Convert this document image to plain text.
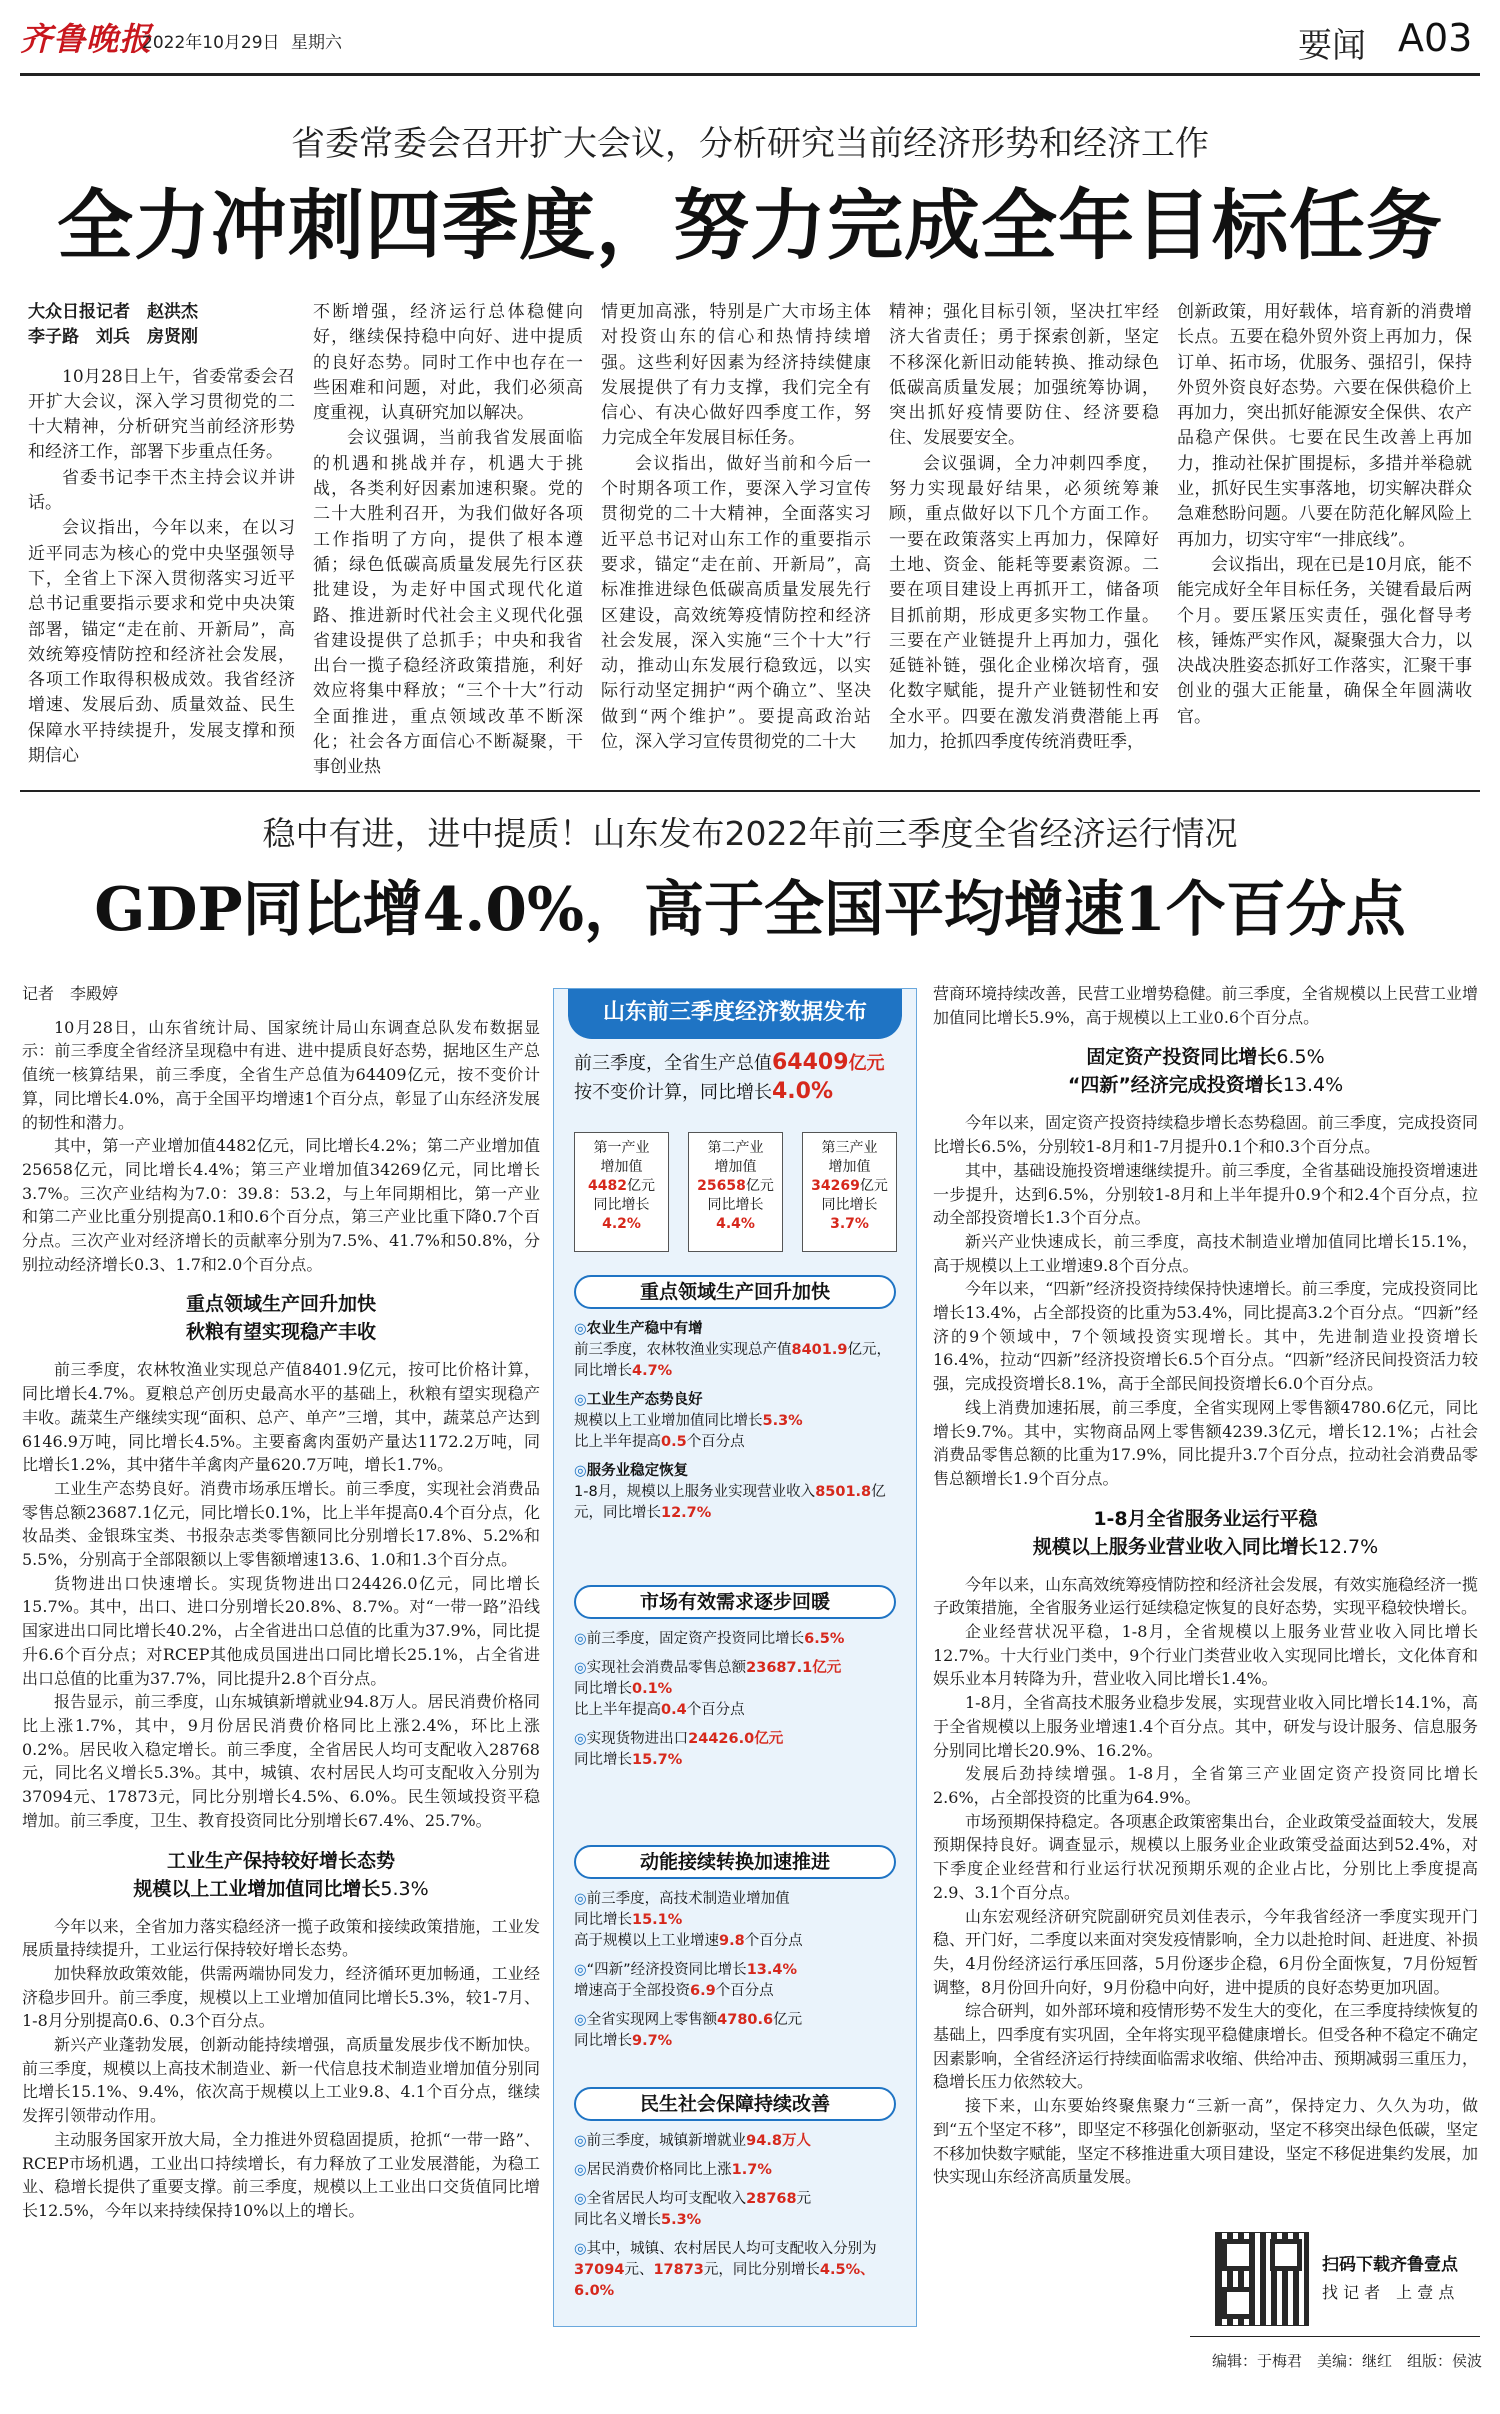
齐鲁晚报
2022年10月29日 星期六	要闻 A03
省委常委会召开扩大会议，分析研究当前经济形势和经济工作
全力冲刺四季度，努力完成全年目标任务

大众日报记者　赵洪杰

李子路　刘兵　房贤刚

10月28日上午，省委常委会召开扩大会议，深入学习贯彻党的二十大精神，分析研究当前经济形势和经济工作，部署下步重点任务。

省委书记李干杰主持会议并讲话。

会议指出，今年以来，在以习近平同志为核心的党中央坚强领导下，全省上下深入贯彻落实习近平总书记重要指示要求和党中央决策部署，锚定“走在前、开新局”，高效统筹疫情防控和经济社会发展，各项工作取得积极成效。我省经济增速、发展后劲、质量效益、民生保障水平持续提升，发展支撑和预期信心

不断增强，经济运行总体稳健向好，继续保持稳中向好、进中提质的良好态势。同时工作中也存在一些困难和问题，对此，我们必须高度重视，认真研究加以解决。

会议强调，当前我省发展面临的机遇和挑战并存，机遇大于挑战，各类利好因素加速积聚。党的二十大胜利召开，为我们做好各项工作指明了方向，提供了根本遵循；绿色低碳高质量发展先行区获批建设，为走好中国式现代化道路、推进新时代社会主义现代化强省建设提供了总抓手；中央和我省出台一揽子稳经济政策措施，利好效应将集中释放；“三个十大”行动全面推进，重点领域改革不断深化；社会各方面信心不断凝聚，干事创业热

情更加高涨，特别是广大市场主体对投资山东的信心和热情持续增强。这些利好因素为经济持续健康发展提供了有力支撑，我们完全有信心、有决心做好四季度工作，努力完成全年发展目标任务。

会议指出，做好当前和今后一个时期各项工作，要深入学习宣传贯彻党的二十大精神，全面落实习近平总书记对山东工作的重要指示要求，锚定“走在前、开新局”，高标准推进绿色低碳高质量发展先行区建设，高效统筹疫情防控和经济社会发展，深入实施“三个十大”行动，推动山东发展行稳致远，以实际行动坚定拥护“两个确立”、坚决做到“两个维护”。要提高政治站位，深入学习宣传贯彻党的二十大

精神；强化目标引领，坚决扛牢经济大省责任；勇于探索创新，坚定不移深化新旧动能转换、推动绿色低碳高质量发展；加强统筹协调，突出抓好疫情要防住、经济要稳住、发展要安全。

会议强调，全力冲刺四季度，努力实现最好结果，必须统筹兼顾，重点做好以下几个方面工作。一要在政策落实上再加力，保障好土地、资金、能耗等要素资源。二要在项目建设上再抓开工，储备项目抓前期，形成更多实物工作量。三要在产业链提升上再加力，强化延链补链，强化企业梯次培育，强化数字赋能，提升产业链韧性和安全水平。四要在激发消费潜能上再加力，抢抓四季度传统消费旺季，

创新政策，用好载体，培育新的消费增长点。五要在稳外贸外资上再加力，保订单、拓市场，优服务、强招引，保持外贸外资良好态势。六要在保供稳价上再加力，突出抓好能源安全保供、农产品稳产保供。七要在民生改善上再加力，推动社保扩围提标，多措并举稳就业，抓好民生实事落地，切实解决群众急难愁盼问题。八要在防范化解风险上再加力，切实守牢“一排底线”。

会议指出，现在已是10月底，能不能完成好全年目标任务，关键看最后两个月。要压紧压实责任，强化督导考核，锤炼严实作风，凝聚强大合力，以决战决胜姿态抓好工作落实，汇聚干事创业的强大正能量，确保全年圆满收官。

稳中有进，进中提质！山东发布2022年前三季度全省经济运行情况
GDP同比增4.0%，高于全国平均增速1个百分点

记者　李殿婷

10月28日，山东省统计局、国家统计局山东调查总队发布数据显示：前三季度全省经济呈现稳中有进、进中提质良好态势，据地区生产总值统一核算结果，前三季度，全省生产总值为64409亿元，按不变价计算，同比增长4.0%，高于全国平均增速1个百分点，彰显了山东经济发展的韧性和潜力。

其中，第一产业增加值4482亿元，同比增长4.2%；第二产业增加值25658亿元，同比增长4.4%；第三产业增加值34269亿元，同比增长3.7%。三次产业结构为7.0：39.8：53.2，与上年同期相比，第一产业和第二产业比重分别提高0.1和0.6个百分点，第三产业比重下降0.7个百分点。三次产业对经济增长的贡献率分别为7.5%、41.7%和50.8%，分别拉动经济增长0.3、1.7和2.0个百分点。

重点领域生产回升加快
秋粮有望实现稳产丰收

前三季度，农林牧渔业实现总产值8401.9亿元，按可比价格计算，同比增长4.7%。夏粮总产创历史最高水平的基础上，秋粮有望实现稳产丰收。蔬菜生产继续实现“面积、总产、单产”三增，其中，蔬菜总产达到6146.9万吨，同比增长4.5%。主要畜禽肉蛋奶产量达1172.2万吨，同比增长1.2%，其中猪牛羊禽肉产量620.7万吨，增长1.7%。

工业生产态势良好。消费市场承压增长。前三季度，实现社会消费品零售总额23687.1亿元，同比增长0.1%，比上半年提高0.4个百分点，化妆品类、金银珠宝类、书报杂志类零售额同比分别增长17.8%、5.2%和5.5%，分别高于全部限额以上零售额增速13.6、1.0和1.3个百分点。

货物进出口快速增长。实现货物进出口24426.0亿元，同比增长15.7%。其中，出口、进口分别增长20.8%、8.7%。对“一带一路”沿线国家进出口同比增长40.2%，占全省进出口总值的比重为37.9%，同比提升6.6个百分点；对RCEP其他成员国进出口同比增长25.1%，占全省进出口总值的比重为37.7%，同比提升2.8个百分点。

报告显示，前三季度，山东城镇新增就业94.8万人。居民消费价格同比上涨1.7%，其中，9月份居民消费价格同比上涨2.4%，环比上涨0.2%。居民收入稳定增长。前三季度，全省居民人均可支配收入28768元，同比名义增长5.3%。其中，城镇、农村居民人均可支配收入分别为37094元、17873元，同比分别增长4.5%、6.0%。民生领域投资平稳增加。前三季度，卫生、教育投资同比分别增长67.4%、25.7%。

工业生产保持较好增长态势
规模以上工业增加值同比增长5.3%

今年以来，全省加力落实稳经济一揽子政策和接续政策措施，工业发展质量持续提升，工业运行保持较好增长态势。

加快释放政策效能，供需两端协同发力，经济循环更加畅通，工业经济稳步回升。前三季度，规模以上工业增加值同比增长5.3%，较1-7月、1-8月分别提高0.6、0.3个百分点。

新兴产业蓬勃发展，创新动能持续增强，高质量发展步伐不断加快。前三季度，规模以上高技术制造业、新一代信息技术制造业增加值分别同比增长15.1%、9.4%，依次高于规模以上工业9.8、4.1个百分点，继续发挥引领带动作用。

主动服务国家开放大局，全力推进外贸稳固提质，抢抓“一带一路”、RCEP市场机遇，工业出口持续增长，有力释放了工业发展潜能，为稳工业、稳增长提供了重要支撑。前三季度，规模以上工业出口交货值同比增长12.5%，今年以来持续保持10%以上的增长。

山东前三季度经济数据发布
前三季度，全省生产总值64409亿元
按不变价计算，同比增长4.0%
第一产业
增加值
4482亿元
同比增长
4.2%
第二产业
增加值
25658亿元
同比增长
4.4%
第三产业
增加值
34269亿元
同比增长
3.7%
重点领域生产回升加快
◎农业生产稳中有增
前三季度，农林牧渔业实现总产值8401.9亿元，同比增长4.7%
◎工业生产态势良好
规模以上工业增加值同比增长5.3%
比上半年提高0.5个百分点
◎服务业稳定恢复
1-8月，规模以上服务业实现营业收入8501.8亿元，同比增长12.7%
市场有效需求逐步回暖
◎前三季度，固定资产投资同比增长6.5%
◎实现社会消费品零售总额23687.1亿元
同比增长0.1%
比上半年提高0.4个百分点
◎实现货物进出口24426.0亿元
同比增长15.7%
动能接续转换加速推进
◎前三季度，高技术制造业增加值
同比增长15.1%
高于规模以上工业增速9.8个百分点
◎“四新”经济投资同比增长13.4%
增速高于全部投资6.9个百分点
◎全省实现网上零售额4780.6亿元
同比增长9.7%
民生社会保障持续改善
◎前三季度，城镇新增就业94.8万人
◎居民消费价格同比上涨1.7%
◎全省居民人均可支配收入28768元
同比名义增长5.3%
◎其中，城镇、农村居民人均可支配收入分别为37094元、17873元，同比分别增长4.5%、6.0%

营商环境持续改善，民营工业增势稳健。前三季度，全省规模以上民营工业增加值同比增长5.9%，高于规模以上工业0.6个百分点。

固定资产投资同比增长6.5%
“四新”经济完成投资增长13.4%

今年以来，固定资产投资持续稳步增长态势稳固。前三季度，完成投资同比增长6.5%，分别较1-8月和1-7月提升0.1个和0.3个百分点。

其中，基础设施投资增速继续提升。前三季度，全省基础设施投资增速进一步提升，达到6.5%，分别较1-8月和上半年提升0.9个和2.4个百分点，拉动全部投资增长1.3个百分点。

新兴产业快速成长，前三季度，高技术制造业增加值同比增长15.1%，高于规模以上工业增速9.8个百分点。

今年以来，“四新”经济投资持续保持快速增长。前三季度，完成投资同比增长13.4%，占全部投资的比重为53.4%，同比提高3.2个百分点。“四新”经济的9个领域中，7个领域投资实现增长。其中，先进制造业投资增长16.4%，拉动“四新”经济投资增长6.5个百分点。“四新”经济民间投资活力较强，完成投资增长8.1%，高于全部民间投资增长6.0个百分点。

线上消费加速拓展，前三季度，全省实现网上零售额4780.6亿元，同比增长9.7%。其中，实物商品网上零售额4239.3亿元，增长12.1%；占社会消费品零售总额的比重为17.9%，同比提升3.7个百分点，拉动社会消费品零售总额增长1.9个百分点。

1-8月全省服务业运行平稳
规模以上服务业营业收入同比增长12.7%

今年以来，山东高效统筹疫情防控和经济社会发展，有效实施稳经济一揽子政策措施，全省服务业运行延续稳定恢复的良好态势，实现平稳较快增长。

企业经营状况平稳，1-8月，全省规模以上服务业营业收入同比增长12.7%。十大行业门类中，9个行业门类营业收入实现同比增长，文化体育和娱乐业本月转降为升，营业收入同比增长1.4%。

1-8月，全省高技术服务业稳步发展，实现营业收入同比增长14.1%，高于全省规模以上服务业增速1.4个百分点。其中，研发与设计服务、信息服务分别同比增长20.9%、16.2%。

发展后劲持续增强。1-8月，全省第三产业固定资产投资同比增长2.6%，占全部投资的比重为64.9%。

市场预期保持稳定。各项惠企政策密集出台，企业政策受益面较大，发展预期保持良好。调查显示，规模以上服务业企业政策受益面达到52.4%，对下季度企业经营和行业运行状况预期乐观的企业占比，分别比上季度提高2.9、3.1个百分点。

山东宏观经济研究院副研究员刘佳表示，今年我省经济一季度实现开门稳、开门好，二季度以来面对突发疫情影响，全力以赴抢时间、赶进度、补损失，4月份经济运行承压回落，5月份逐步企稳，6月份全面恢复，7月份短暂调整，8月份回升向好，9月份稳中向好，进中提质的良好态势更加巩固。

综合研判，如外部环境和疫情形势不发生大的变化，在三季度持续恢复的基础上，四季度有实巩固，全年将实现平稳健康增长。但受各种不稳定不确定因素影响，全省经济运行持续面临需求收缩、供给冲击、预期减弱三重压力，稳增长压力依然较大。

接下来，山东要始终聚焦聚力“三新一高”，保持定力、久久为功，做到“五个坚定不移”，即坚定不移强化创新驱动，坚定不移突出绿色低碳，坚定不移加快数字赋能，坚定不移推进重大项目建设，坚定不移促进集约发展，加快实现山东经济高质量发展。

扫码下载齐鲁壹点
找 记 者　上 壹 点
编辑：于梅君　美编：继红　组版：侯波
